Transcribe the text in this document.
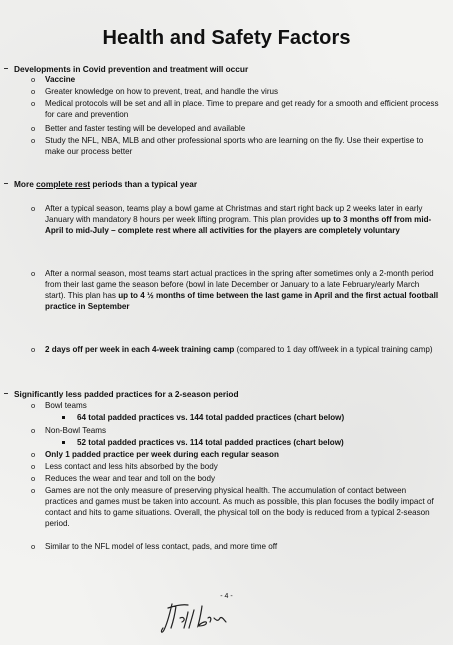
Health and Safety Factors
Developments in Covid prevention and treatment will occur
o Vaccine
o Greater knowledge on how to prevent, treat, and handle the virus
o Medical protocols will be set and all in place. Time to prepare and get ready for a smooth and efficient process for care and prevention
o Better and faster testing will be developed and available
o Study the NFL, NBA, MLB and other professional sports who are learning on the fly. Use their expertise to make our process better
More complete rest periods than a typical year
o After a typical season, teams play a bowl game at Christmas and start right back up 2 weeks later in early January with mandatory 8 hours per week lifting program. This plan provides up to 3 months off from mid-April to mid-July – complete rest where all activities for the players are completely voluntary
o After a normal season, most teams start actual practices in the spring after sometimes only a 2-month period from their last game the season before (bowl in late December or January to a late February/early March start). This plan has up to 4 ½ months of time between the last game in April and the first actual football practice in September
o 2 days off per week in each 4-week training camp (compared to 1 day off/week in a typical training camp)
Significantly less padded practices for a 2-season period
o Bowl teams
64 total padded practices vs. 144 total padded practices (chart below)
o Non-Bowl Teams
52 total padded practices vs. 114 total padded practices (chart below)
o Only 1 padded practice per week during each regular season
o Less contact and less hits absorbed by the body
o Reduces the wear and tear and toll on the body
o Games are not the only measure of preserving physical health. The accumulation of contact between practices and games must be taken into account. As much as possible, this plan focuses the bodily impact of contact and hits to game situations. Overall, the physical toll on the body is reduced from a typical 2-season period.
o Similar to the NFL model of less contact, pads, and more time off
- 4 -
